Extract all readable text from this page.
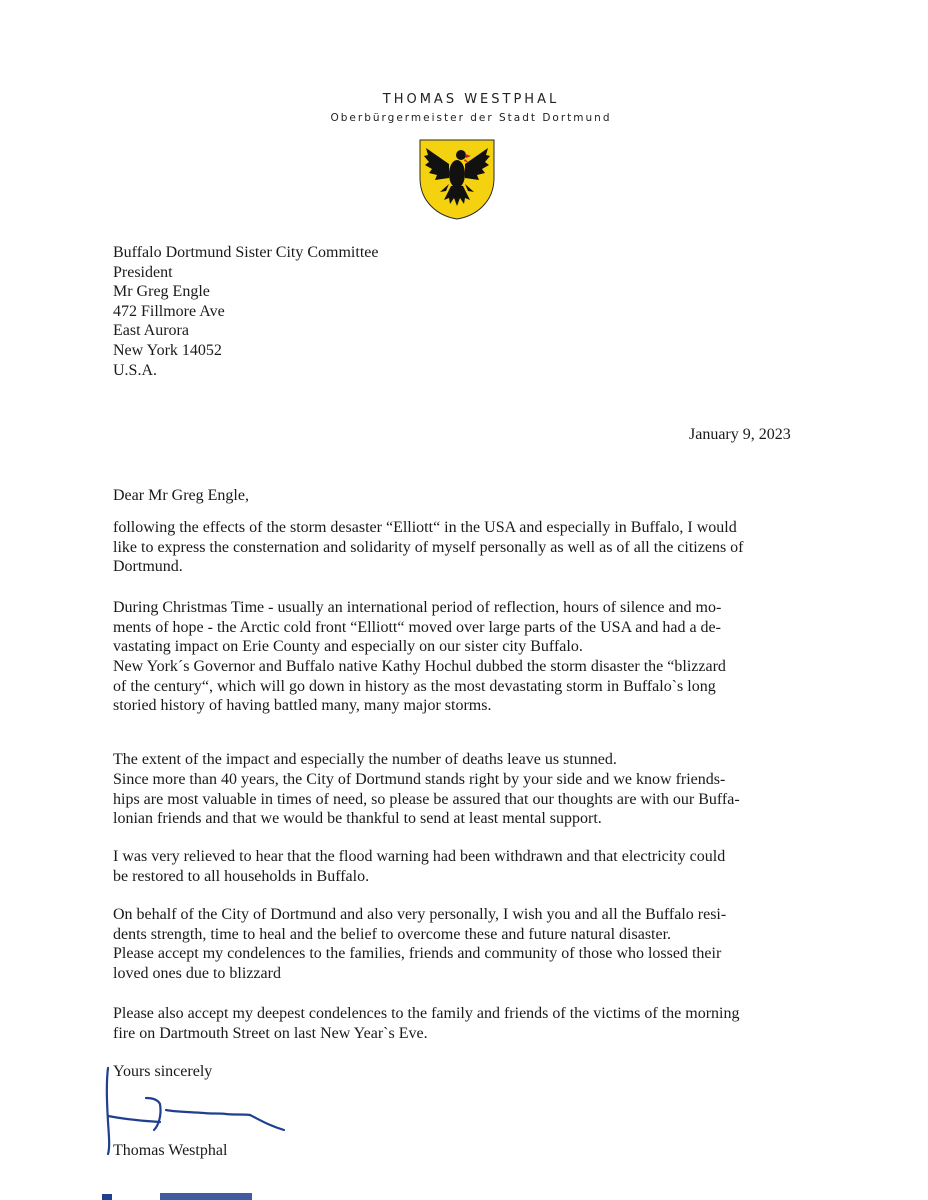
THOMAS WESTPHAL
Oberbürgermeister der Stadt Dortmund
Buffalo Dortmund Sister City Committee
President
Mr Greg Engle
472 Fillmore Ave
East Aurora
New York 14052
U.S.A.
January 9, 2023
Dear Mr Greg Engle,
following the effects of the storm desaster “Elliott“ in the USA and especially in Buffalo, I would
like to express the consternation and solidarity of myself personally as well as of all the citizens of
Dortmund.
During Christmas Time - usually an international period of reflection, hours of silence and mo-
ments of hope - the Arctic cold front “Elliott“ moved over large parts of the USA and had a de-
vastating impact on Erie County and especially on our sister city Buffalo.
New York´s Governor and Buffalo native Kathy Hochul dubbed the storm disaster the “blizzard
of the century“, which will go down in history as the most devastating storm in Buffalo`s long
storied history of having battled many, many major storms.
The extent of the impact and especially the number of deaths leave us stunned.
Since more than 40 years, the City of Dortmund stands right by your side and we know friends-
hips are most valuable in times of need, so please be assured that our thoughts are with our Buffa-
lonian friends and that we would be thankful to send at least mental support.
I was very relieved to hear that the flood warning had been withdrawn and that electricity could
be restored to all households in Buffalo.
On behalf of the City of Dortmund and also very personally, I wish you and all the Buffalo resi-
dents strength, time to heal and the belief to overcome these and future natural disaster.
Please accept my condelences to the families, friends and community of those who lossed their
loved ones due to blizzard
Please also accept my deepest condelences to the family and friends of the victims of the morning
fire on Dartmouth Street on last New Year`s Eve.
Yours sincerely
Thomas Westphal
